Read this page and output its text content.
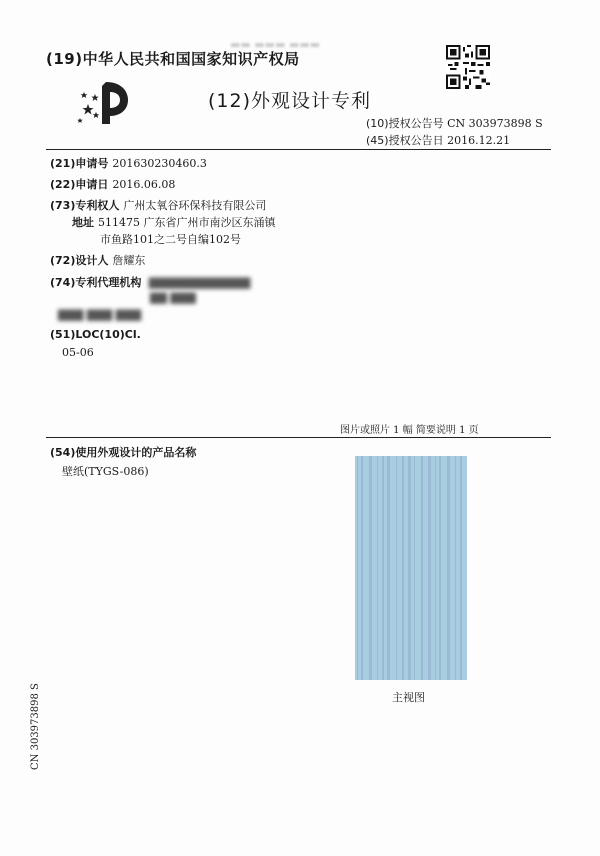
▬▬ ▬▬▬ ▬▬▬
(19)中华人民共和国国家知识产权局
(12)外观设计专利
(10)授权公告号 CN 303973898 S
(45)授权公告日 2016.12.21
(21)申请号 201630230460.3
(22)申请日 2016.06.08
(73)专利权人 广州太氧谷环保科技有限公司
地址 511475 广东省广州市南沙区东涌镇
市鱼路101之二号自编102号
(72)设计人 詹耀东
(74)专利代理机构 ▇▇▇▇▇▇▇▇▇▇▇▇
▇▇ ▇▇▇
▇▇▇ ▇▇▇ ▇▇▇
(51)LOC(10)Cl.
05-06
图片或照片 1 幅 简要说明 1 页
(54)使用外观设计的产品名称
壁纸(TYGS-086)
主视图
CN 303973898 S
